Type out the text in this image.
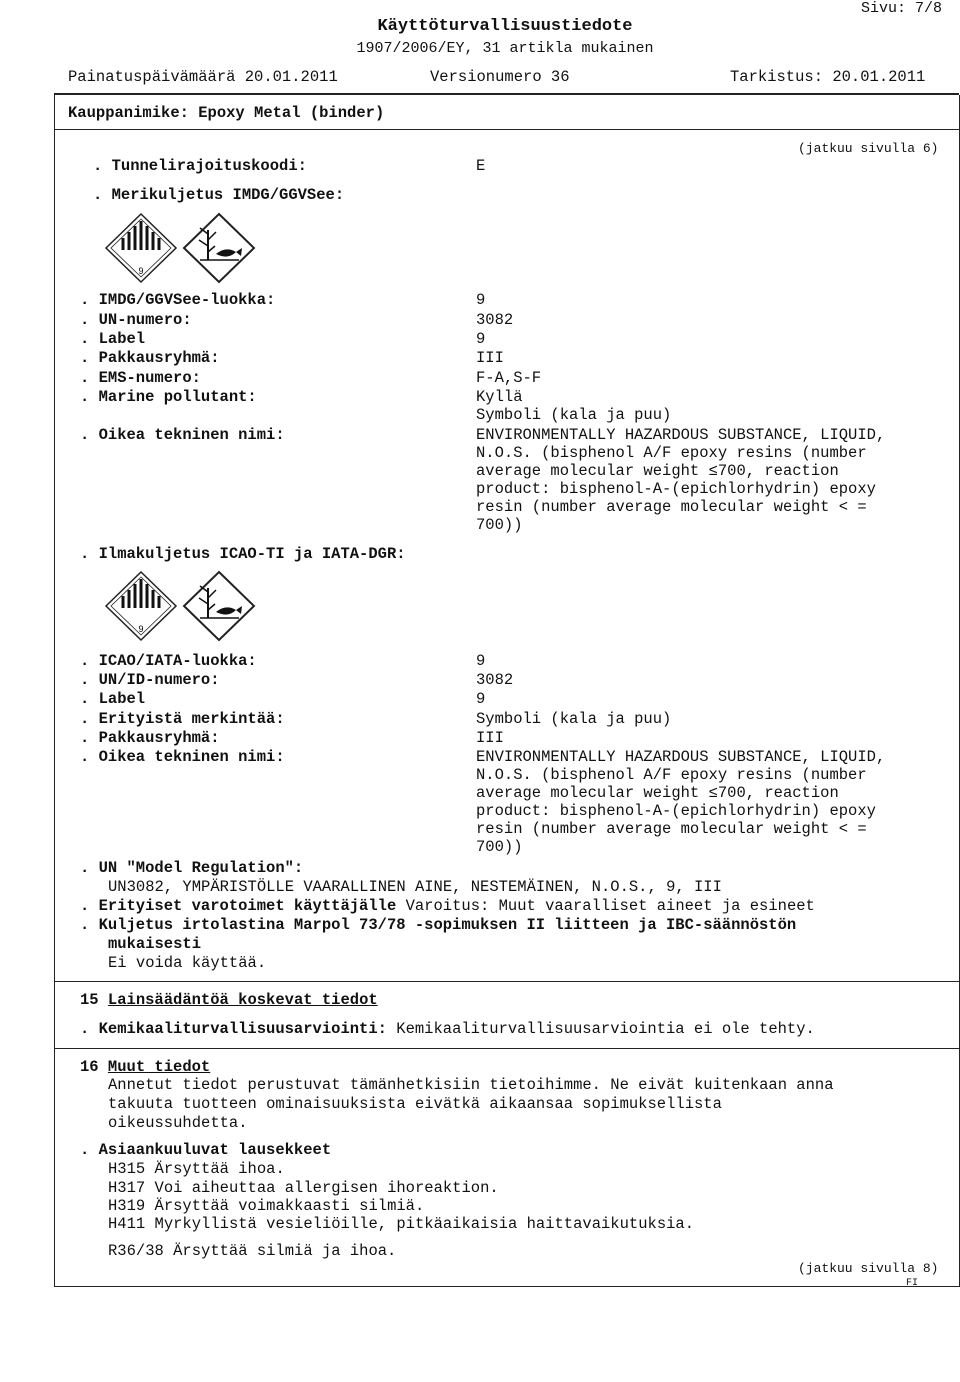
Sivu: 7/8
Käyttöturvallisuustiedote
1907/2006/EY, 31 artikla mukainen
Painatuspäivämäärä 20.01.2011	Versionumero 36	Tarkistus: 20.01.2011
Kauppanimike: Epoxy Metal (binder)
(jatkuu sivulla 6)
. Tunnelirajoituskoodi:	E
. Merikuljetus IMDG/GGVSee:
9
. IMDG/GGVSee-luokka:	9
. UN-numero:	3082
. Label	9
. Pakkausryhmä:	III
. EMS-numero:	F-A,S-F
. Marine pollutant:	Kyllä
Symboli (kala ja puu)
. Oikea tekninen nimi:	ENVIRONMENTALLY HAZARDOUS SUBSTANCE, LIQUID,
N.O.S. (bisphenol A/F epoxy resins (number
average molecular weight ≤700, reaction
product: bisphenol-A-(epichlorhydrin) epoxy
resin (number average molecular weight < =
700))
. Ilmakuljetus ICAO-TI ja IATA-DGR:
9
. ICAO/IATA-luokka:	9
. UN/ID-numero:	3082
. Label	9
. Erityistä merkintää:	Symboli (kala ja puu)
. Pakkausryhmä:	III
. Oikea tekninen nimi:	ENVIRONMENTALLY HAZARDOUS SUBSTANCE, LIQUID,
N.O.S. (bisphenol A/F epoxy resins (number
average molecular weight ≤700, reaction
product: bisphenol-A-(epichlorhydrin) epoxy
resin (number average molecular weight < =
700))
. UN "Model Regulation":
UN3082, YMPÄRISTÖLLE VAARALLINEN AINE, NESTEMÄINEN, N.O.S., 9, III
. Erityiset varotoimet käyttäjälle Varoitus: Muut vaaralliset aineet ja esineet
. Kuljetus irtolastina Marpol 73/78 -sopimuksen II liitteen ja IBC-säännöstön
mukaisesti
Ei voida käyttää.
15 Lainsäädäntöä koskevat tiedot
. Kemikaaliturvallisuusarviointi: Kemikaaliturvallisuusarviointia ei ole tehty.
16 Muut tiedot
Annetut tiedot perustuvat tämänhetkisiin tietoihimme. Ne eivät kuitenkaan anna
takuuta tuotteen ominaisuuksista eivätkä aikaansaa sopimuksellista
oikeussuhdetta.
. Asiaankuuluvat lausekkeet
H315 Ärsyttää ihoa.
H317 Voi aiheuttaa allergisen ihoreaktion.
H319 Ärsyttää voimakkaasti silmiä.
H411 Myrkyllistä vesieliöille, pitkäaikaisia haittavaikutuksia.
R36/38 Ärsyttää silmiä ja ihoa.
(jatkuu sivulla 8)
FI
